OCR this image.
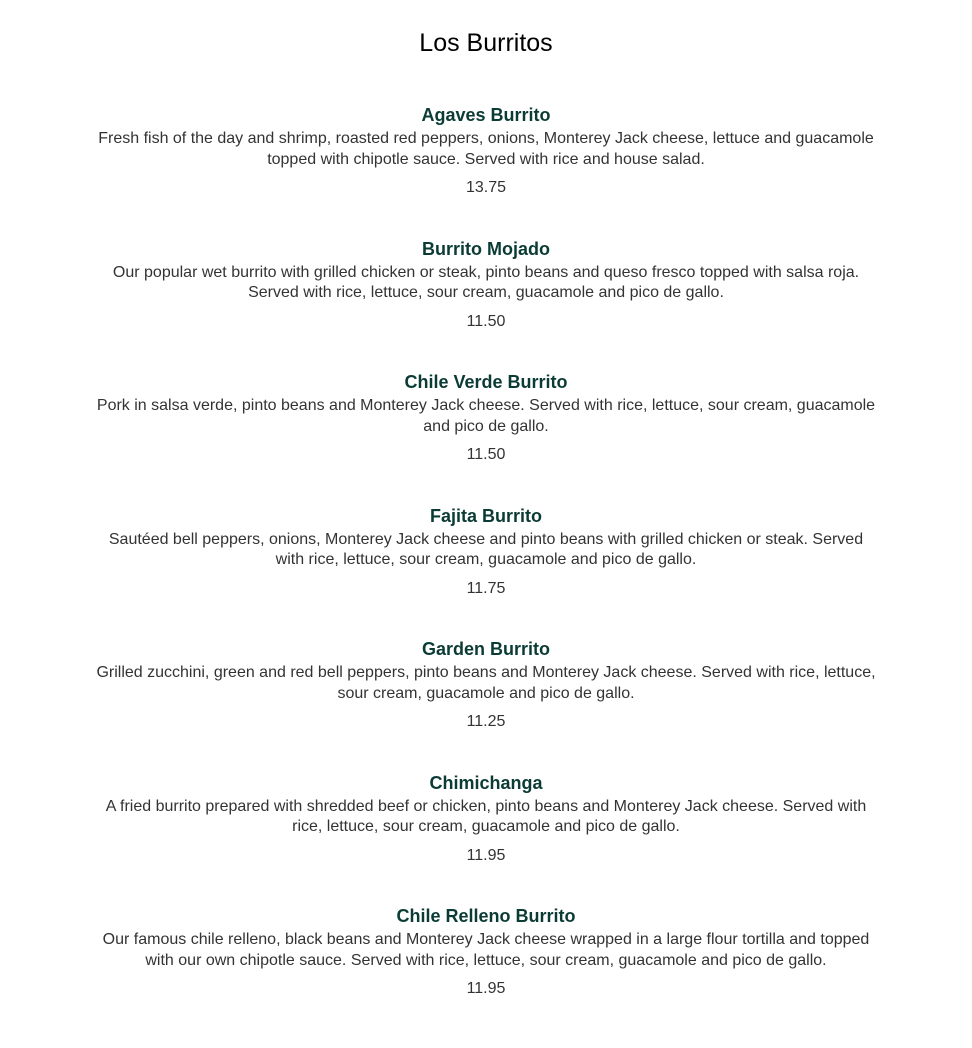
Los Burritos
Agaves Burrito

Fresh fish of the day and shrimp, roasted red peppers, onions, Monterey Jack cheese, lettuce and guacamole topped with chipotle sauce. Served with rice and house salad.

13.75
Burrito Mojado

Our popular wet burrito with grilled chicken or steak, pinto beans and queso fresco topped with salsa roja. Served with rice, lettuce, sour cream, guacamole and pico de gallo.

11.50
Chile Verde Burrito

Pork in salsa verde, pinto beans and Monterey Jack cheese. Served with rice, lettuce, sour cream, guacamole and pico de gallo.

11.50
Fajita Burrito

Sautéed bell peppers, onions, Monterey Jack cheese and pinto beans with grilled chicken or steak. Served with rice, lettuce, sour cream, guacamole and pico de gallo.

11.75
Garden Burrito

Grilled zucchini, green and red bell peppers, pinto beans and Monterey Jack cheese. Served with rice, lettuce, sour cream, guacamole and pico de gallo.

11.25
Chimichanga

A fried burrito prepared with shredded beef or chicken, pinto beans and Monterey Jack cheese. Served with rice, lettuce, sour cream, guacamole and pico de gallo.

11.95
Chile Relleno Burrito

Our famous chile relleno, black beans and Monterey Jack cheese wrapped in a large flour tortilla and topped with our own chipotle sauce. Served with rice, lettuce, sour cream, guacamole and pico de gallo.

11.95
